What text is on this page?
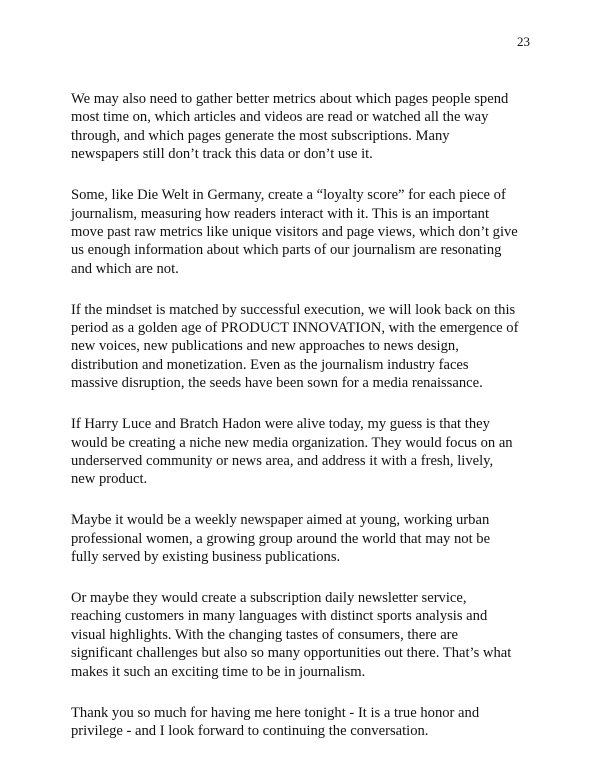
23

We may also need to gather better metrics about which pages people spend
most time on, which articles and videos are read or watched all the way
through, and which pages generate the most subscriptions. Many
newspapers still don’t track this data or don’t use it.

Some, like Die Welt in Germany, create a “loyalty score” for each piece of
journalism, measuring how readers interact with it. This is an important
move past raw metrics like unique visitors and page views, which don’t give
us enough information about which parts of our journalism are resonating
and which are not.

If the mindset is matched by successful execution, we will look back on this
period as a golden age of PRODUCT INNOVATION, with the emergence of
new voices, new publications and new approaches to news design,
distribution and monetization. Even as the journalism industry faces
massive disruption, the seeds have been sown for a media renaissance.

If Harry Luce and Bratch Hadon were alive today, my guess is that they
would be creating a niche new media organization. They would focus on an
underserved community or news area, and address it with a fresh, lively,
new product.

Maybe it would be a weekly newspaper aimed at young, working urban
professional women, a growing group around the world that may not be
fully served by existing business publications.

Or maybe they would create a subscription daily newsletter service,
reaching customers in many languages with distinct sports analysis and
visual highlights. With the changing tastes of consumers, there are
significant challenges but also so many opportunities out there. That’s what
makes it such an exciting time to be in journalism.

Thank you so much for having me here tonight - It is a true honor and
privilege - and I look forward to continuing the conversation.
